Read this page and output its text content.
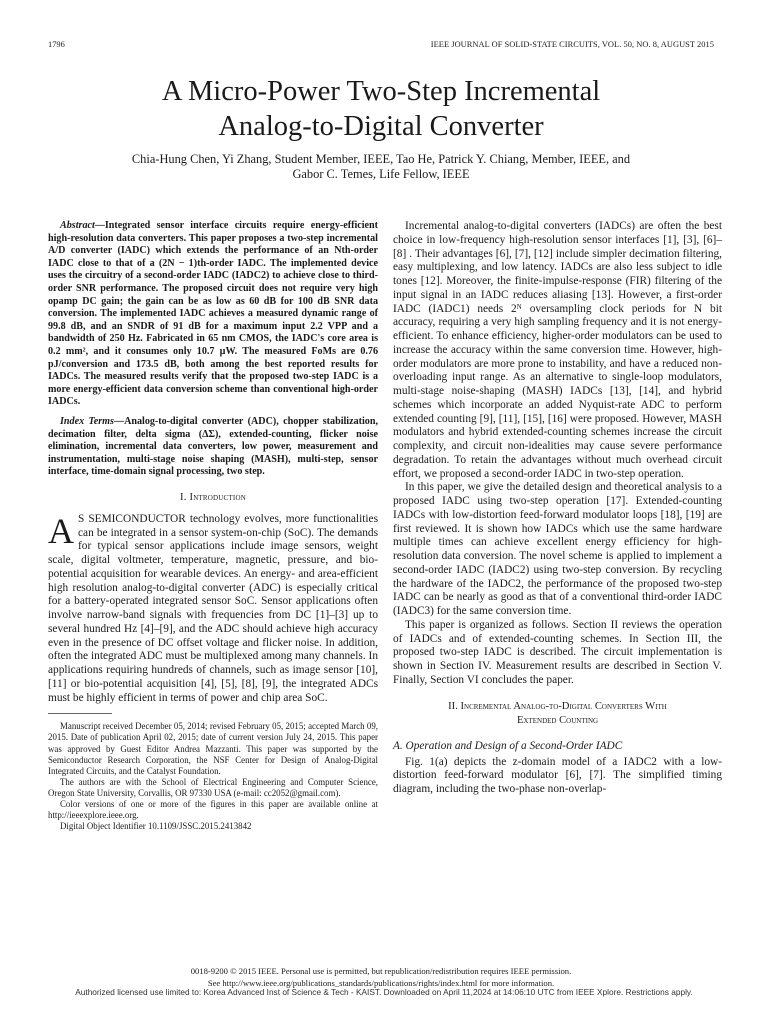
1796	IEEE JOURNAL OF SOLID-STATE CIRCUITS, VOL. 50, NO. 8, AUGUST 2015
A Micro-Power Two-Step Incremental
Analog-to-Digital Converter
Chia-Hung Chen, Yi Zhang, Student Member, IEEE, Tao He, Patrick Y. Chiang, Member, IEEE, and
Gabor C. Temes, Life Fellow, IEEE

Abstract—Integrated sensor interface circuits require energy-efficient high-resolution data converters. This paper proposes a two-step incremental A/D converter (IADC) which extends the performance of an Nth-order IADC close to that of a (2N − 1)th-order IADC. The implemented device uses the circuitry of a second-order IADC (IADC2) to achieve close to third-order SNR performance. The proposed circuit does not require very high opamp DC gain; the gain can be as low as 60 dB for 100 dB SNR data conversion. The implemented IADC achieves a measured dynamic range of 99.8 dB, and an SNDR of 91 dB for a maximum input 2.2 VPP and a bandwidth of 250 Hz. Fabricated in 65 nm CMOS, the IADC's core area is 0.2 mm², and it consumes only 10.7 µW. The measured FoMs are 0.76 pJ/conversion and 173.5 dB, both among the best reported results for IADCs. The measured results verify that the proposed two-step IADC is a more energy-efficient data conversion scheme than conventional high-order IADCs.

Index Terms—Analog-to-digital converter (ADC), chopper stabilization, decimation filter, delta sigma (ΔΣ), extended-counting, flicker noise elimination, incremental data converters, low power, measurement and instrumentation, multi-stage noise shaping (MASH), multi-step, sensor interface, time-domain signal processing, two step.

I. Introduction

A S SEMICONDUCTOR technology evolves, more functionalities can be integrated in a sensor system-on-chip (SoC). The demands for typical sensor applications include image sensors, weight scale, digital voltmeter, temperature, magnetic, pressure, and bio-potential acquisition for wearable devices. An energy- and area-efficient high resolution analog-to-digital converter (ADC) is especially critical for a battery-operated integrated sensor SoC. Sensor applications often involve narrow-band signals with frequencies from DC [1]–[3] up to several hundred Hz [4]–[9], and the ADC should achieve high accuracy even in the presence of DC offset voltage and flicker noise. In addition, often the integrated ADC must be multiplexed among many channels. In applications requiring hundreds of channels, such as image sensor [10], [11] or bio-potential acquisition [4], [5], [8], [9], the integrated ADCs must be highly efficient in terms of power and chip area SoC.

Manuscript received December 05, 2014; revised February 05, 2015; accepted March 09, 2015. Date of publication April 02, 2015; date of current version July 24, 2015. This paper was approved by Guest Editor Andrea Mazzanti. This paper was supported by the Semiconductor Research Corporation, the NSF Center for Design of Analog-Digital Integrated Circuits, and the Catalyst Foundation.

The authors are with the School of Electrical Engineering and Computer Science, Oregon State University, Corvallis, OR 97330 USA (e-mail: cc2052@gmail.com).

Color versions of one or more of the figures in this paper are available online at http://ieeexplore.ieee.org.

Digital Object Identifier 10.1109/JSSC.2015.2413842

Incremental analog-to-digital converters (IADCs) are often the best choice in low-frequency high-resolution sensor interfaces [1], [3], [6]–[8] . Their advantages [6], [7], [12] include simpler decimation filtering, easy multiplexing, and low latency. IADCs are also less subject to idle tones [12]. Moreover, the finite-impulse-response (FIR) filtering of the input signal in an IADC reduces aliasing [13]. However, a first-order IADC (IADC1) needs 2ᴺ oversampling clock periods for N bit accuracy, requiring a very high sampling frequency and it is not energy-efficient. To enhance efficiency, higher-order modulators can be used to increase the accuracy within the same conversion time. However, high-order modulators are more prone to instability, and have a reduced non-overloading input range. As an alternative to single-loop modulators, multi-stage noise-shaping (MASH) IADCs [13], [14], and hybrid schemes which incorporate an added Nyquist-rate ADC to perform extended counting [9], [11], [15], [16] were proposed. However, MASH modulators and hybrid extended-counting schemes increase the circuit complexity, and circuit non-idealities may cause severe performance degradation. To retain the advantages without much overhead circuit effort, we proposed a second-order IADC in two-step operation.

In this paper, we give the detailed design and theoretical analysis to a proposed IADC using two-step operation [17]. Extended-counting IADCs with low-distortion feed-forward modulator loops [18], [19] are first reviewed. It is shown how IADCs which use the same hardware multiple times can achieve excellent energy efficiency for high-resolution data conversion. The novel scheme is applied to implement a second-order IADC (IADC2) using two-step conversion. By recycling the hardware of the IADC2, the performance of the proposed two-step IADC can be nearly as good as that of a conventional third-order IADC (IADC3) for the same conversion time.

This paper is organized as follows. Section II reviews the operation of IADCs and of extended-counting schemes. In Section III, the proposed two-step IADC is described. The circuit implementation is shown in Section IV. Measurement results are described in Section V. Finally, Section VI concludes the paper.

II. Incremental Analog-to-Digital Converters With
Extended Counting
A. Operation and Design of a Second-Order IADC

Fig. 1(a) depicts the z-domain model of a IADC2 with a low-distortion feed-forward modulator [6], [7]. The simplified timing diagram, including the two-phase non-overlap-

0018-9200 © 2015 IEEE. Personal use is permitted, but republication/redistribution requires IEEE permission.
See http://www.ieee.org/publications_standards/publications/rights/index.html for more information.
Authorized licensed use limited to: Korea Advanced Inst of Science & Tech - KAIST. Downloaded on April 11,2024 at 14:06:10 UTC from IEEE Xplore. Restrictions apply.
